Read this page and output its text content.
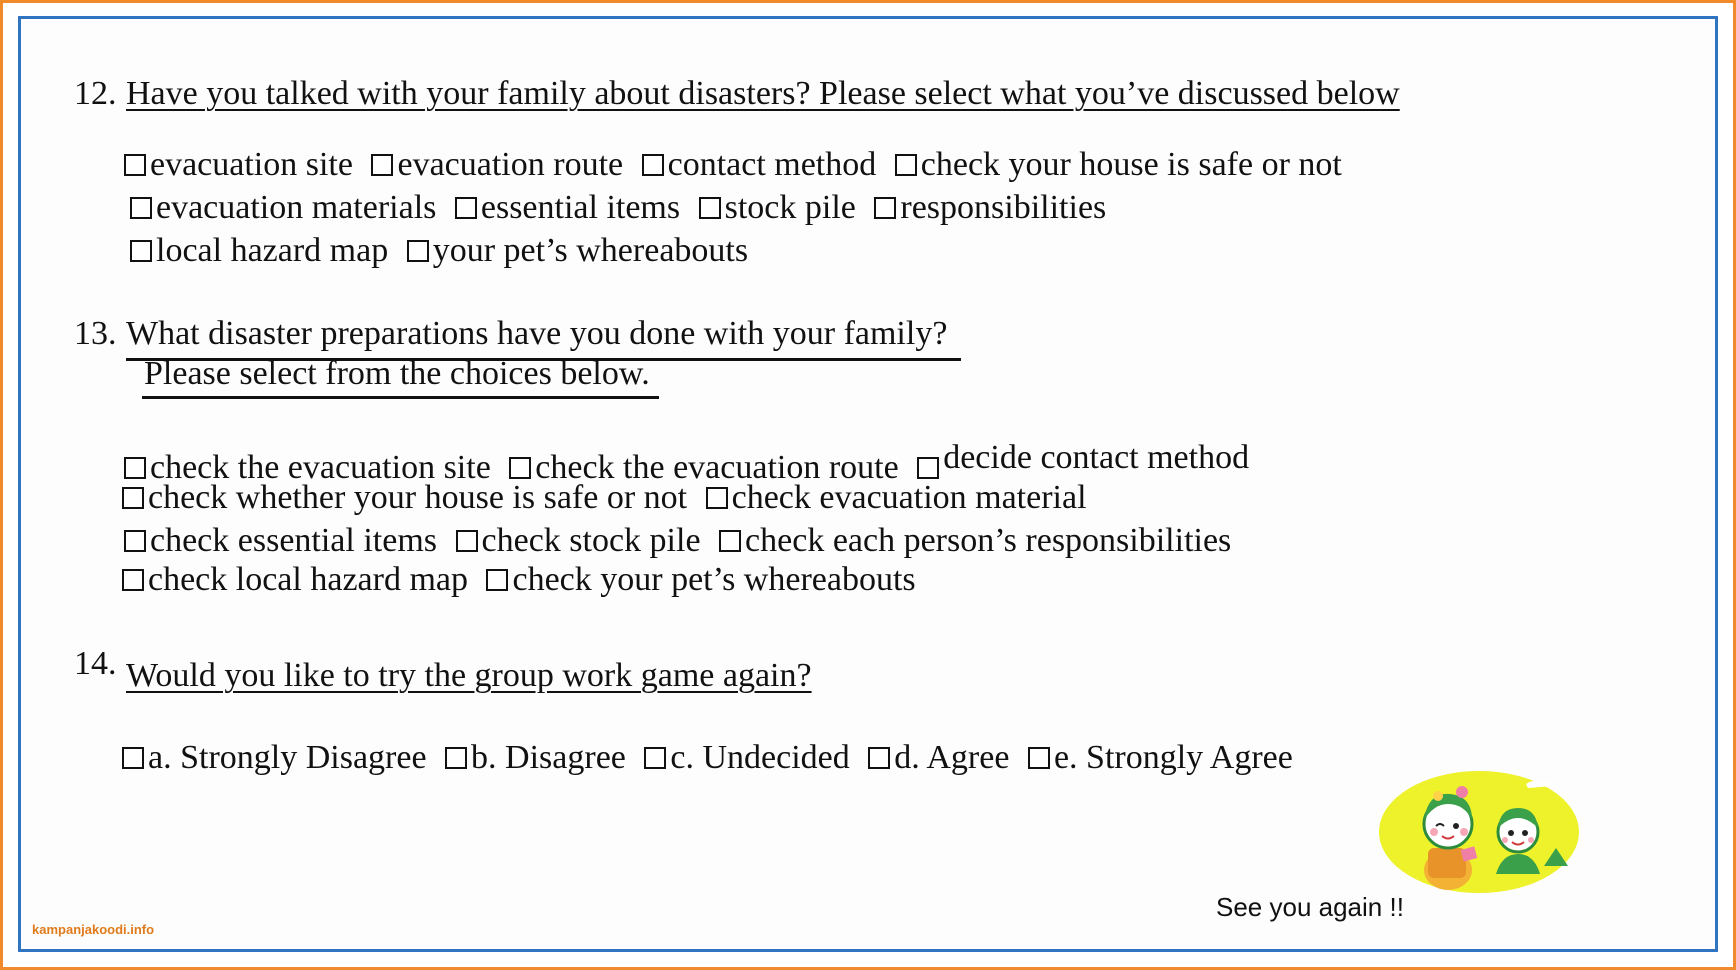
12. Have you talked with your family about disasters? Please select what you’ve discussed below
evacuation site
evacuation route
contact method
check your house is safe or not
evacuation materials
essential items
stock pile
responsibilities
local hazard map
your pet’s whereabouts
13. What disaster preparations have you done with your family?
Please select from the choices below.
check the evacuation site
check the evacuation route
decide contact method
check whether your house is safe or not
check evacuation material
check essential items
check stock pile
check each person’s responsibilities
check local hazard map
check your pet’s whereabouts
14. Would you like to try the group work game again?
a. Strongly Disagree
b. Disagree
c. Undecided
d. Agree
e. Strongly Agree
See you again !!
kampanjakoodi.info
